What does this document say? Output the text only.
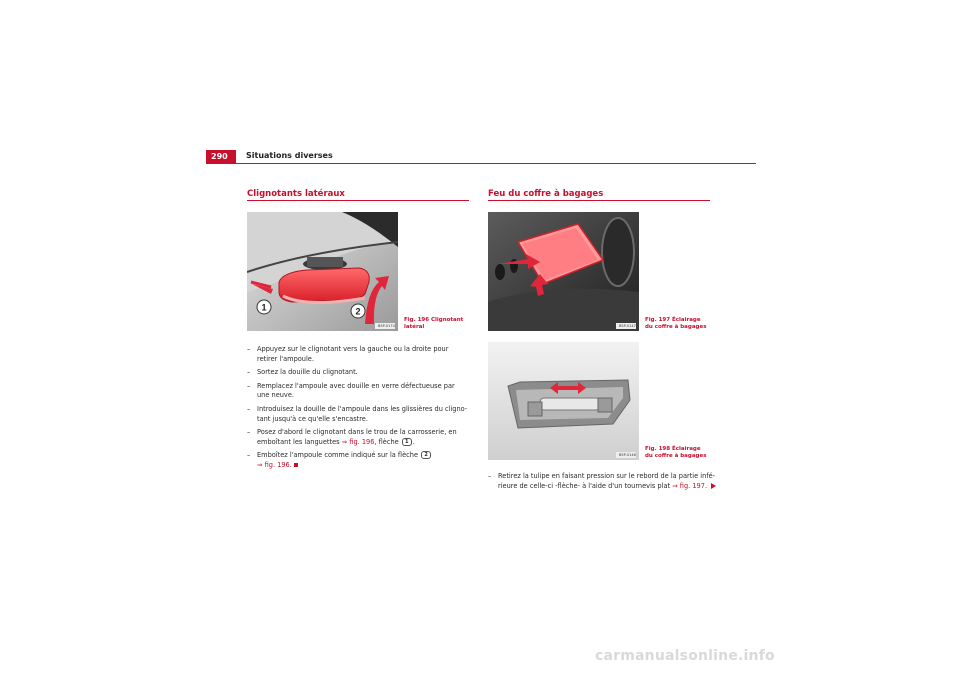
290	Situations diverses
Clignotants latéraux
1	2
B5P-0174
Fig. 196 Clignotant latéral
– Appuyez sur le clignotant vers la gauche ou la droite pour retirer l'ampoule.
– Sortez la douille du clignotant.
– Remplacez l'ampoule avec douille en verre défectueuse par une neuve.
– Introduisez la douille de l'ampoule dans les glissières du cligno-tant jusqu'à ce qu'elle s'encastre.
– Posez d'abord le clignotant dans le trou de la carrosserie, en emboîtant les languettes ⇒ fig. 196, flèche 1 .
– Emboîtez l'ampoule comme indiqué sur la flèche 2
⇒ fig. 196.
Feu du coffre à bagages
B5P-0147
Fig. 197 Éclairage du coffre à bagages
B5P-0146
Fig. 198 Éclairage du coffre à bagages
– Retirez la tulipe en faisant pression sur le rebord de la partie infé-rieure de celle-ci -flèche- à l'aide d'un tournevis plat ⇒ fig. 197.
carmanualsonline.info
